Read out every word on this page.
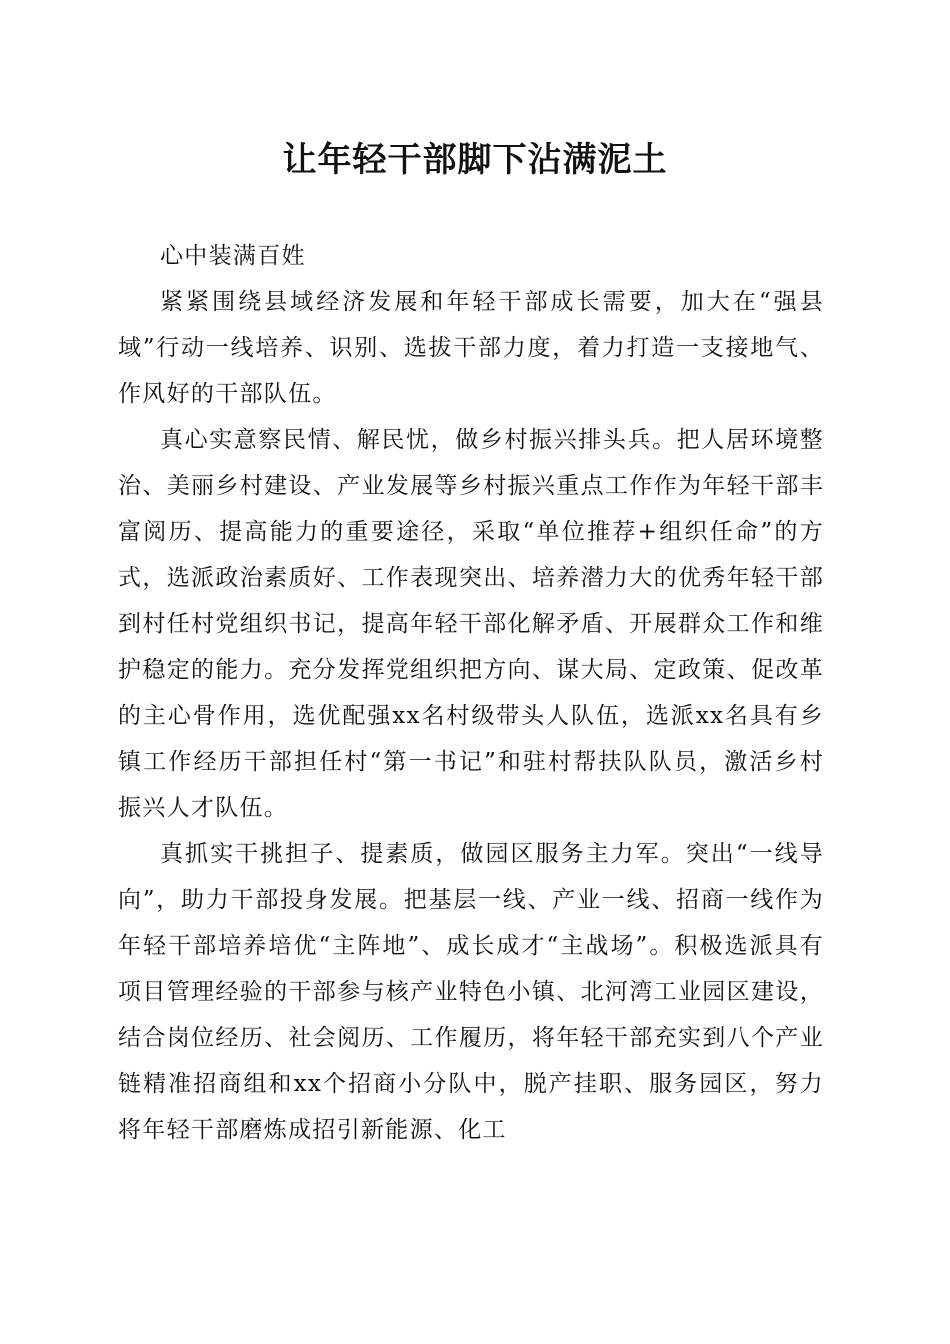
让年轻干部脚下沾满泥土

心中装满百姓

紧紧围绕县域经济发展和年轻干部成长需要，加大在“强县域”行动一线培养、识别、选拔干部力度，着力打造一支接地气、作风好的干部队伍。

真心实意察民情、解民忧，做乡村振兴排头兵。把人居环境整治、美丽乡村建设、产业发展等乡村振兴重点工作作为年轻干部丰富阅历、提高能力的重要途径，采取“单位推荐+组织任命”的方式，选派政治素质好、工作表现突出、培养潜力大的优秀年轻干部到村任村党组织书记，提高年轻干部化解矛盾、开展群众工作和维护稳定的能力。充分发挥党组织把方向、谋大局、定政策、促改革的主心骨作用，选优配强xx名村级带头人队伍，选派xx名具有乡镇工作经历干部担任村“第一书记”和驻村帮扶队队员，激活乡村振兴人才队伍。

真抓实干挑担子、提素质，做园区服务主力军。突出“一线导向”，助力干部投身发展。把基层一线、产业一线、招商一线作为年轻干部培养培优“主阵地”、成长成才“主战场”。积极选派具有项目管理经验的干部参与核产业特色小镇、北河湾工业园区建设，结合岗位经历、社会阅历、工作履历，将年轻干部充实到八个产业链精准招商组和xx个招商小分队中，脱产挂职、服务园区，努力将年轻干部磨炼成招引新能源、化工
